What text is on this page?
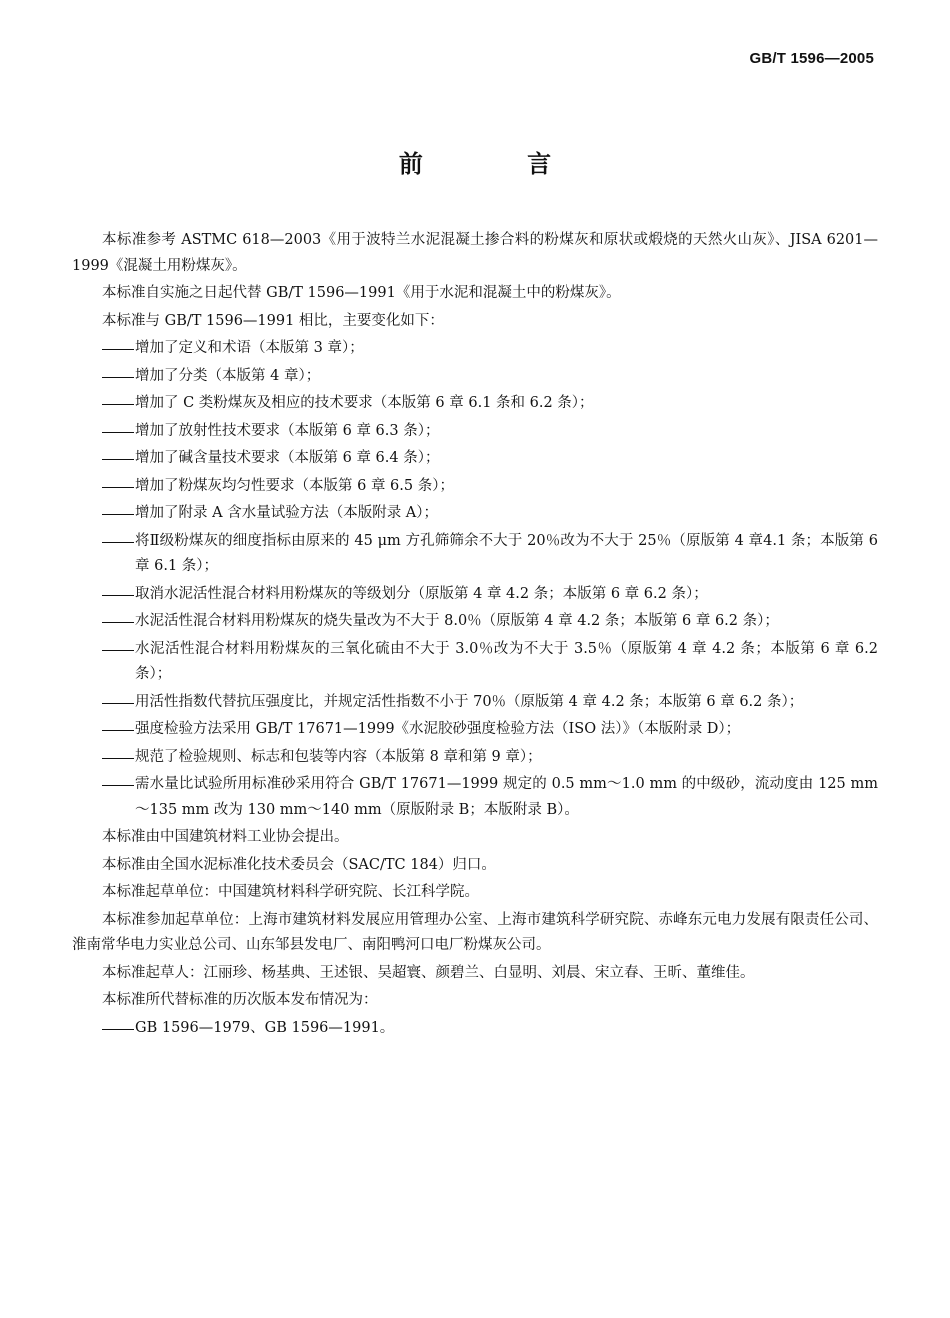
GB/T 1596—2005
前 言

本标准参考 ASTMC 618—2003《用于波特兰水泥混凝土掺合料的粉煤灰和原状或煅烧的天然火山灰》、JISA 6201—1999《混凝土用粉煤灰》。

本标准自实施之日起代替 GB/T 1596—1991《用于水泥和混凝土中的粉煤灰》。

本标准与 GB/T 1596—1991 相比，主要变化如下：

增加了定义和术语（本版第 3 章）；
增加了分类（本版第 4 章）；
增加了 C 类粉煤灰及相应的技术要求（本版第 6 章 6.1 条和 6.2 条）；
增加了放射性技术要求（本版第 6 章 6.3 条）；
增加了碱含量技术要求（本版第 6 章 6.4 条）；
增加了粉煤灰均匀性要求（本版第 6 章 6.5 条）；
增加了附录 A 含水量试验方法（本版附录 A）；
将Ⅱ级粉煤灰的细度指标由原来的 45 μm 方孔筛筛余不大于 20％改为不大于 25％（原版第 4 章4.1 条；本版第 6 章 6.1 条）；
取消水泥活性混合材料用粉煤灰的等级划分（原版第 4 章 4.2 条；本版第 6 章 6.2 条）；
水泥活性混合材料用粉煤灰的烧失量改为不大于 8.0％（原版第 4 章 4.2 条；本版第 6 章 6.2 条）；
水泥活性混合材料用粉煤灰的三氧化硫由不大于 3.0％改为不大于 3.5％（原版第 4 章 4.2 条；本版第 6 章 6.2 条）；
用活性指数代替抗压强度比，并规定活性指数不小于 70％（原版第 4 章 4.2 条；本版第 6 章 6.2 条）；
强度检验方法采用 GB/T 17671—1999《水泥胶砂强度检验方法（ISO 法）》（本版附录 D）；
规范了检验规则、标志和包装等内容（本版第 8 章和第 9 章）；
需水量比试验所用标准砂采用符合 GB/T 17671—1999 规定的 0.5 mm～1.0 mm 的中级砂，流动度由 125 mm～135 mm 改为 130 mm～140 mm（原版附录 B；本版附录 B）。

本标准由中国建筑材料工业协会提出。

本标准由全国水泥标准化技术委员会（SAC/TC 184）归口。

本标准起草单位：中国建筑材料科学研究院、长江科学院。

本标准参加起草单位：上海市建筑材料发展应用管理办公室、上海市建筑科学研究院、赤峰东元电力发展有限责任公司、淮南常华电力实业总公司、山东邹县发电厂、南阳鸭河口电厂粉煤灰公司。

本标准起草人：江丽珍、杨基典、王述银、吴超寰、颜碧兰、白显明、刘晨、宋立春、王昕、董维佳。

本标准所代替标准的历次版本发布情况为：

GB 1596—1979、GB 1596—1991。
